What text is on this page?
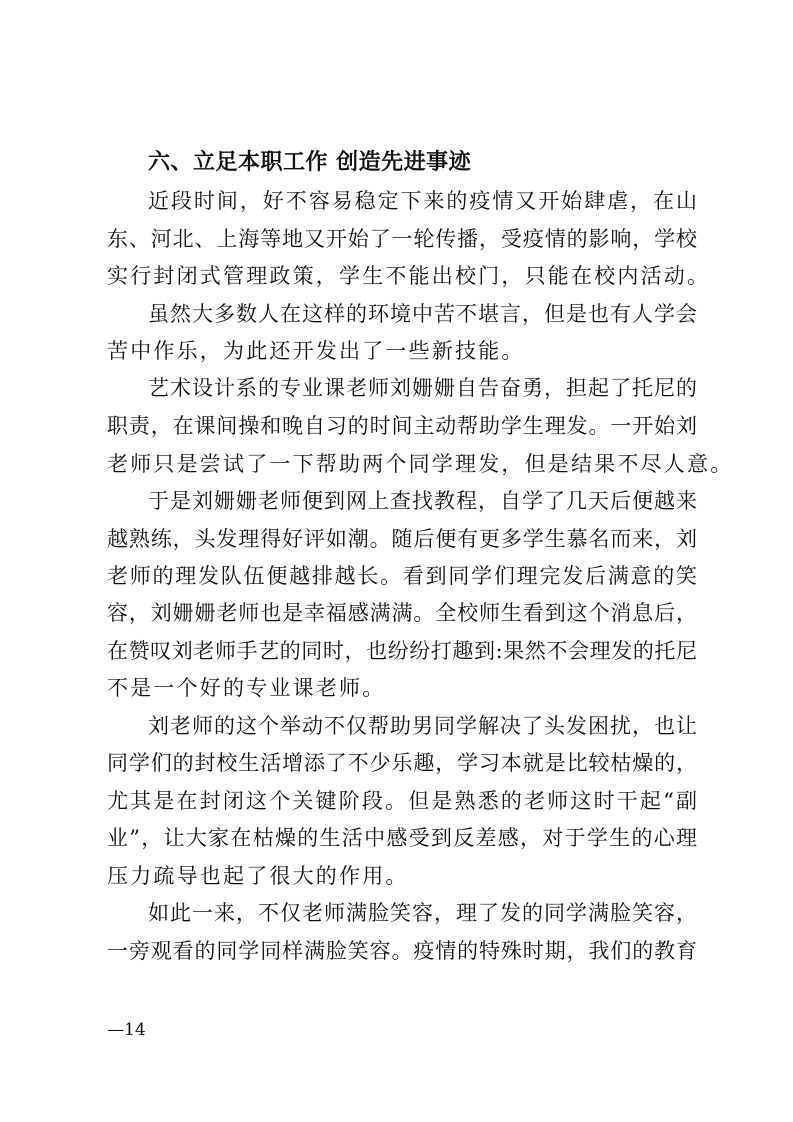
六、立足本职工作 创造先进事迹
近段时间，好不容易稳定下来的疫情又开始肆虐，在山
东、河北、上海等地又开始了一轮传播，受疫情的影响，学校
实行封闭式管理政策，学生不能出校门，只能在校内活动。
虽然大多数人在这样的环境中苦不堪言，但是也有人学会
苦中作乐，为此还开发出了一些新技能。
艺术设计系的专业课老师刘姗姗自告奋勇，担起了托尼的
职责，在课间操和晚自习的时间主动帮助学生理发。一开始刘
老师只是尝试了一下帮助两个同学理发，但是结果不尽人意。
于是刘姗姗老师便到网上查找教程，自学了几天后便越来
越熟练，头发理得好评如潮。随后便有更多学生慕名而来，刘
老师的理发队伍便越排越长。看到同学们理完发后满意的笑
容，刘姗姗老师也是幸福感满满。全校师生看到这个消息后，
在赞叹刘老师手艺的同时，也纷纷打趣到:果然不会理发的托尼
不是一个好的专业课老师。
刘老师的这个举动不仅帮助男同学解决了头发困扰，也让
同学们的封校生活增添了不少乐趣，学习本就是比较枯燥的，
尤其是在封闭这个关键阶段。但是熟悉的老师这时干起“副
业”，让大家在枯燥的生活中感受到反差感，对于学生的心理
压力疏导也起了很大的作用。
如此一来，不仅老师满脸笑容，理了发的同学满脸笑容，
一旁观看的同学同样满脸笑容。疫情的特殊时期，我们的教育
—14
